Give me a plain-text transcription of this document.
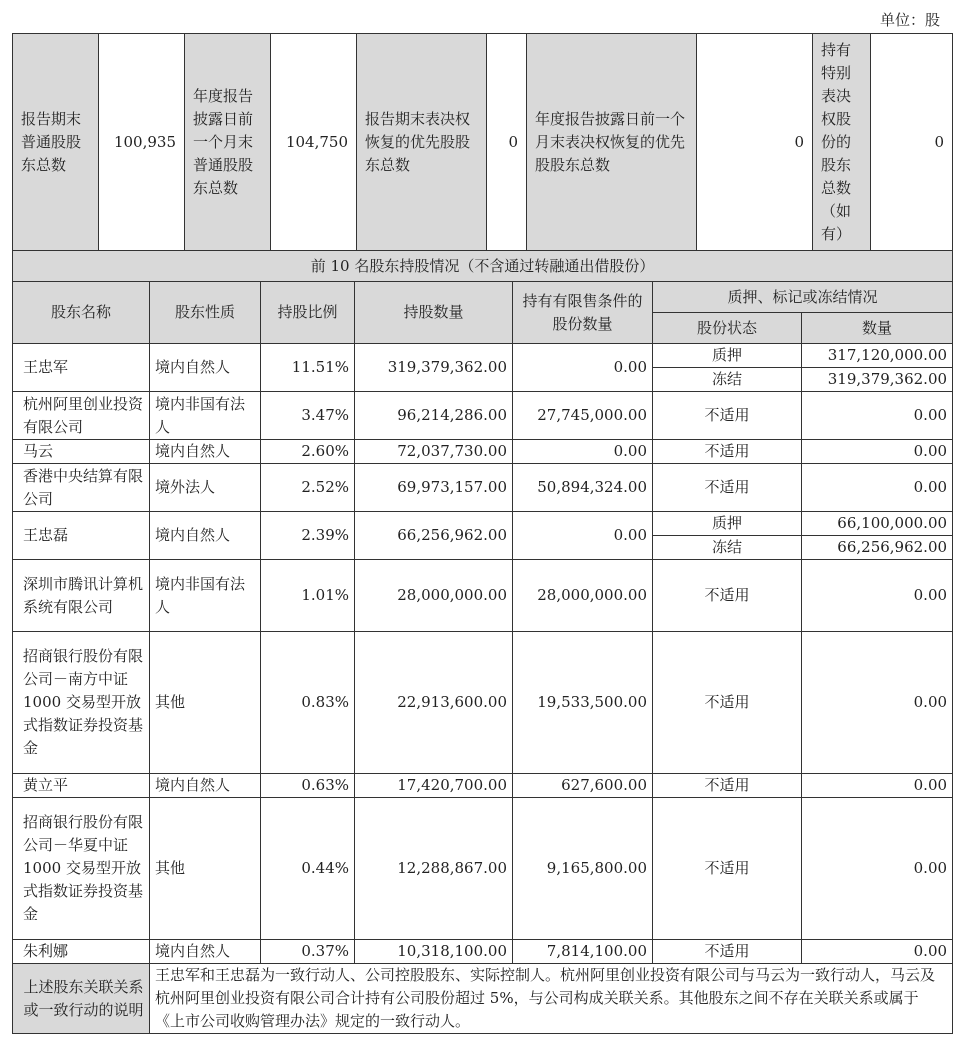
单位：股
报告期末普通股股东总数	100,935	年度报告披露日前一个月末普通股股东总数	104,750	报告期末表决权恢复的优先股股东总数	0	年度报告披露日前一个月末表决权恢复的优先股股东总数	0	持有特别表决权股份的股东总数（如有）	0
前 10 名股东持股情况（不含通过转融通出借股份）						
股东名称	股东性质	持股比例	持股数量	持有有限售条件的股份数量	质押、标记或冻结情况	
					股份状态	数量
王忠军	境内自然人	11.51%	319,379,362.00	0.00	质押	317,120,000.00
					冻结	319,379,362.00
杭州阿里创业投资有限公司	境内非国有法人	3.47%	96,214,286.00	27,745,000.00	不适用	0.00
马云	境内自然人	2.60%	72,037,730.00	0.00	不适用	0.00
香港中央结算有限公司	境外法人	2.52%	69,973,157.00	50,894,324.00	不适用	0.00
王忠磊	境内自然人	2.39%	66,256,962.00	0.00	质押	66,100,000.00
					冻结	66,256,962.00
深圳市腾讯计算机系统有限公司	境内非国有法人	1.01%	28,000,000.00	28,000,000.00	不适用	0.00
招商银行股份有限公司－南方中证 1000 交易型开放式指数证券投资基金	其他	0.83%	22,913,600.00	19,533,500.00	不适用	0.00
黄立平	境内自然人	0.63%	17,420,700.00	627,600.00	不适用	0.00
招商银行股份有限公司－华夏中证 1000 交易型开放式指数证券投资基金	其他	0.44%	12,288,867.00	9,165,800.00	不适用	0.00
朱利娜	境内自然人	0.37%	10,318,100.00	7,814,100.00	不适用	0.00
上述股东关联关系或一致行动的说明	王忠军和王忠磊为一致行动人、公司控股股东、实际控制人。杭州阿里创业投资有限公司与马云为一致行动人，马云及杭州阿里创业投资有限公司合计持有公司股份超过 5%，与公司构成关联关系。其他股东之间不存在关联关系或属于《上市公司收购管理办法》规定的一致行动人。					
